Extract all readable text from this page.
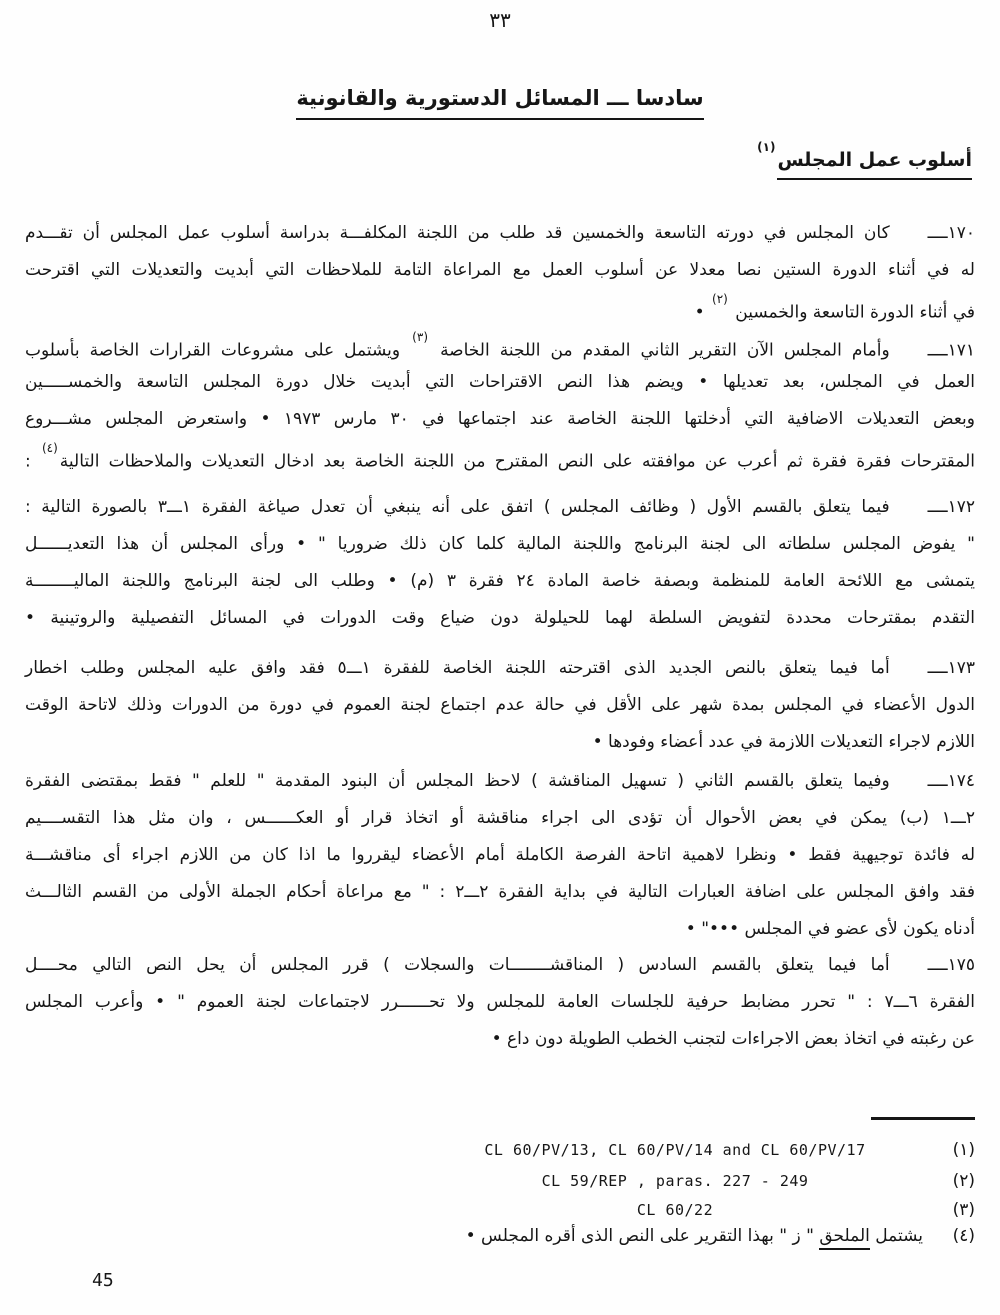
٣٣
سادسا ـــ المسائل الدستورية والقانونية
أسلوب عمل المجلس$^{(١)}$
١٧٠ــــكان المجلس في دورته التاسعة والخمسين قد طلب من اللجنة المكلفـــة بدراسة أسلوب عمل المجلس أن تقـــدم
له في أثناء الدورة الستين نصا معدلا عن أسلوب العمل مع المراعاة التامة للملاحظات التي أبديت والتعديلات التي اقترحت
في أثناء الدورة التاسعة والخمسين $^{(٢)}$ •
١٧١ــــوأمام المجلس الآن التقرير الثاني المقدم من اللجنة الخاصة $^{(٣)}$ ويشتمل على مشروعات القرارات الخاصة بأسلوب
العمل في المجلس، بعد تعديلها • ويضم هذا النص الاقتراحات التي أبديت خلال دورة المجلس التاسعة والخمســـــين
وبعض التعديلات الاضافية التي أدخلتها اللجنة الخاصة عند اجتماعها في ٣٠ مارس ١٩٧٣ • واستعرض المجلس مشـــروع
المقترحات فقرة فقرة ثم أعرب عن موافقته على النص المقترح من اللجنة الخاصة بعد ادخال التعديلات والملاحظات التالية$^{(٤)}$ :
١٧٢ــــفيما يتعلق بالقسم الأول ( وظائف المجلس ) اتفق على أنه ينبغي أن تعدل صياغة الفقرة ١ـــ٣ بالصورة التالية :
" يفوض المجلس سلطاته الى لجنة البرنامج واللجنة المالية كلما كان ذلك ضروريا " • ورأى المجلس أن هذا التعديــــــل
يتمشى مع اللائحة العامة للمنظمة وبصفة خاصة المادة ٢٤ فقرة ٣ (م) • وطلب الى لجنة البرنامج واللجنة الماليــــــــة
التقدم بمقترحات محددة لتفويض السلطة لهما للحيلولة دون ضياع وقت الدورات في المسائل التفصيلية والروتينية •
١٧٣ــــأما فيما يتعلق بالنص الجديد الذى اقترحته اللجنة الخاصة للفقرة ١ـــ٥ فقد وافق عليه المجلس وطلب اخطار
الدول الأعضاء في المجلس بمدة شهر على الأقل في حالة عدم اجتماع لجنة العموم في دورة من الدورات وذلك لاتاحة الوقت
اللازم لاجراء التعديلات اللازمة في عدد أعضاء وفودها •
١٧٤ــــوفيما يتعلق بالقسم الثاني ( تسهيل المناقشة ) لاحظ المجلس أن البنود المقدمة " للعلم " فقط بمقتضى الفقرة
٢ـــ١ (ب) يمكن في بعض الأحوال أن تؤدى الى اجراء مناقشة أو اتخاذ قرار أو العكــــــس ، وان مثل هذا التقســــيم
له فائدة توجيهية فقط • ونظرا لاهمية اتاحة الفرصة الكاملة أمام الأعضاء ليقرروا ما اذا كان من اللازم اجراء أى مناقشـــة
فقد وافق المجلس على اضافة العبارات التالية في بداية الفقرة ٢ـــ٢ : " مع مراعاة أحكام الجملة الأولى من القسم الثالـــث
أدناه يكون لأى عضو في المجلس •••" •
١٧٥ــــأما فيما يتعلق بالقسم السادس ( المناقشــــــــات والسجلات ) قرر المجلس أن يحل النص التالي محــــل
الفقرة ٦ـــ٧ : " تحرر مضابط حرفية للجلسات العامة للمجلس ولا تحــــــرر لاجتماعات لجنة العموم " • وأعرب المجلس
عن رغبته في اتخاذ بعض الاجراءات لتجنب الخطب الطويلة دون داع •
(١)
CL 60/PV/13, CL 60/PV/14 and CL 60/PV/17
(٢)
CL 59/REP , paras. 227 - 249
(٣)
CL 60/22
(٤)
يشتمل الملحق " ز " بهذا التقرير على النص الذى أقره المجلس •
45
